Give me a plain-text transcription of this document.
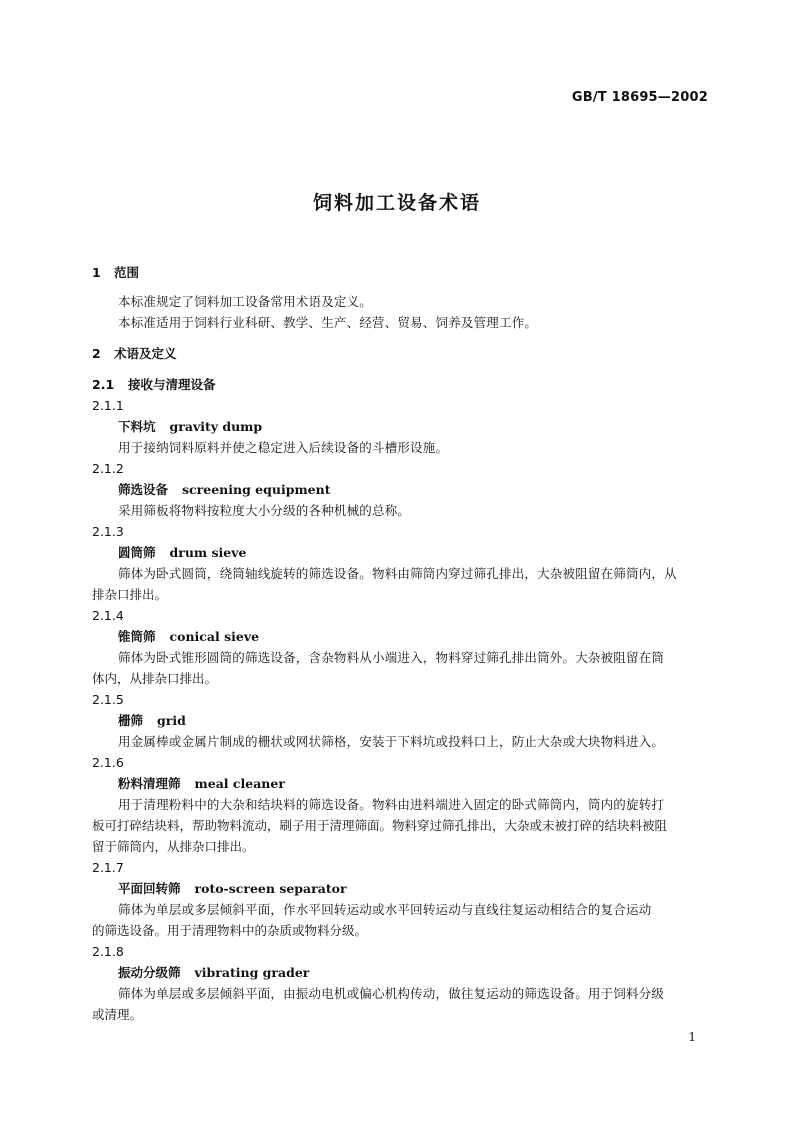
GB/T 18695—2002
饲料加工设备术语
1 范围
本标准规定了饲料加工设备常用术语及定义。
本标准适用于饲料行业科研、教学、生产、经营、贸易、饲养及管理工作。
2 术语及定义
2.1 接收与清理设备
2.1.1
下料坑 gravity dump
用于接纳饲料原料并使之稳定进入后续设备的斗槽形设施。
2.1.2
筛选设备 screening equipment
采用筛板将物料按粒度大小分级的各种机械的总称。
2.1.3
圆筒筛 drum sieve
筛体为卧式圆筒，绕筒轴线旋转的筛选设备。物料由筛筒内穿过筛孔排出，大杂被阻留在筛筒内，从
排杂口排出。
2.1.4
锥筒筛 conical sieve
筛体为卧式锥形圆筒的筛选设备，含杂物料从小端进入，物料穿过筛孔排出筒外。大杂被阻留在筒
体内，从排杂口排出。
2.1.5
栅筛 grid
用金属棒或金属片制成的栅状或网状筛格，安装于下料坑或投料口上，防止大杂或大块物料进入。
2.1.6
粉料清理筛 meal cleaner
用于清理粉料中的大杂和结块料的筛选设备。物料由进料端进入固定的卧式筛筒内，筒内的旋转打
板可打碎结块料，帮助物料流动，刷子用于清理筛面。物料穿过筛孔排出，大杂或未被打碎的结块料被阻
留于筛筒内，从排杂口排出。
2.1.7
平面回转筛 roto-screen separator
筛体为单层或多层倾斜平面，作水平回转运动或水平回转运动与直线往复运动相结合的复合运动
的筛选设备。用于清理物料中的杂质或物料分级。
2.1.8
振动分级筛 vibrating grader
筛体为单层或多层倾斜平面，由振动电机或偏心机构传动，做往复运动的筛选设备。用于饲料分级
或清理。
1
